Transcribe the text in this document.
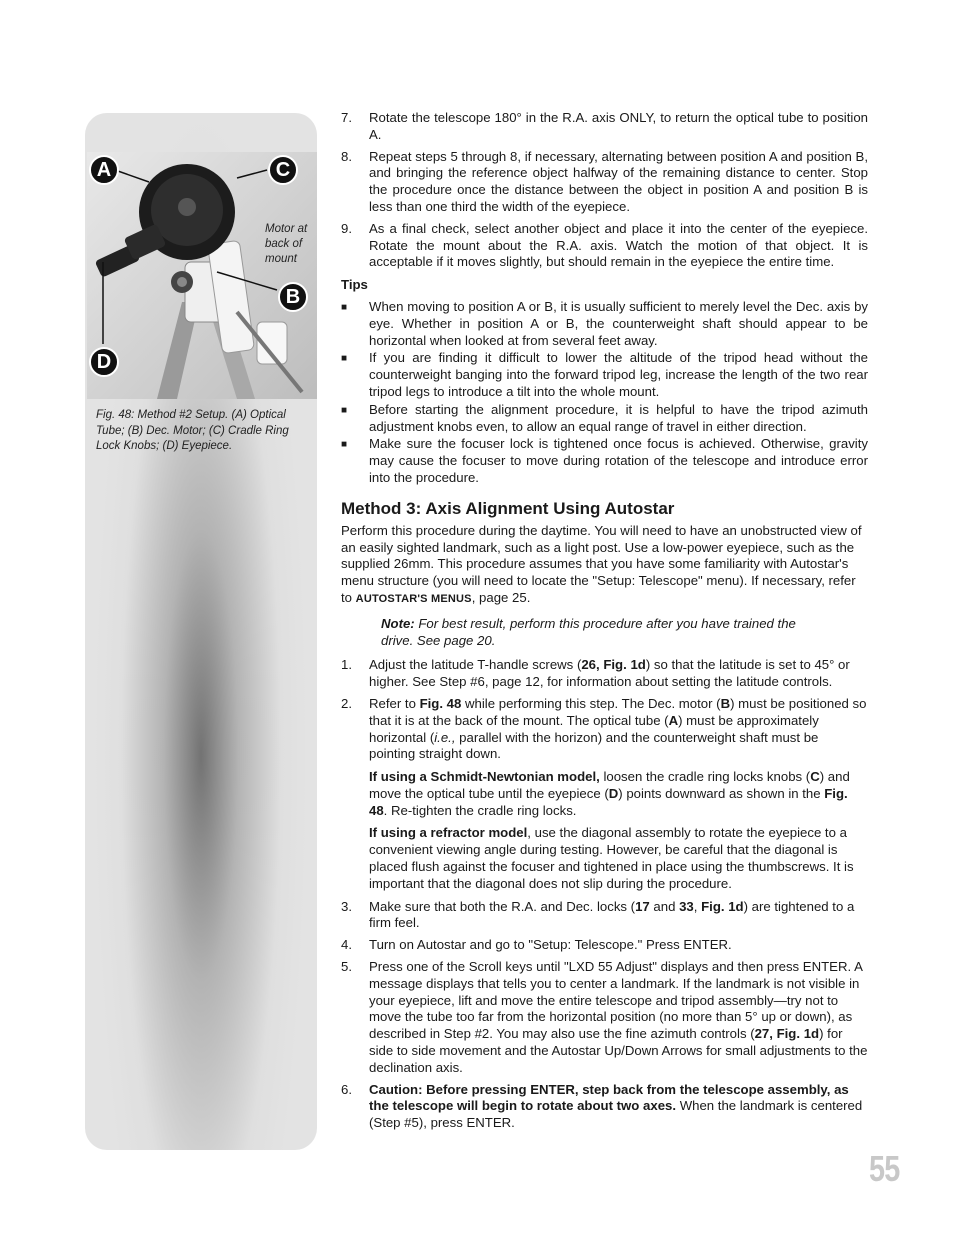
A	C
B
D
Motor at back of mount
Fig. 48: Method #2 Setup. (A) Optical Tube; (B) Dec. Motor; (C) Cradle Ring Lock Knobs; (D) Eyepiece.
7.	Rotate the telescope 180° in the R.A. axis ONLY, to return the optical tube to position A.
8.	Repeat steps 5 through 8, if necessary, alternating between position A and position B, and bringing the reference object halfway of the remaining distance to center. Stop the procedure once the distance between the object in position A and position B is less than one third the width of the eyepiece.
9.	As a final check, select another object and place it into the center of the eyepiece. Rotate the mount about the R.A. axis. Watch the motion of that object. It is acceptable if it moves slightly, but should remain in the eyepiece the entire time.
Tips
■	When moving to position A or B, it is usually sufficient to merely level the Dec. axis by eye. Whether in position A or B, the counterweight shaft should appear to be horizontal when looked at from several feet away.
■	If you are finding it difficult to lower the altitude of the tripod head without the counterweight banging into the forward tripod leg, increase the length of the two rear tripod legs to introduce a tilt into the whole mount.
■	Before starting the alignment procedure, it is helpful to have the tripod azimuth adjustment knobs even, to allow an equal range of travel in either direction.
■	Make sure the focuser lock is tightened once focus is achieved. Otherwise, gravity may cause the focuser to move during rotation of the telescope and introduce error into the procedure.
Method 3: Axis Alignment Using Autostar

Perform this procedure during the daytime. You will need to have an unobstructed view of an easily sighted landmark, such as a light post. Use a low-power eyepiece, such as the supplied 26mm. This procedure assumes that you have some familiarity with Autostar's menu structure (you will need to locate the "Setup: Telescope" menu). If necessary, refer to AUTOSTAR'S MENUS, page 25.

Note: For best result, perform this procedure after you have trained the drive. See page 20.

1.	Adjust the latitude T-handle screws (26, Fig. 1d) so that the latitude is set to 45° or higher. See Step #6, page 12, for information about setting the latitude controls.
2.	Refer to Fig. 48 while performing this step. The Dec. motor (B) must be positioned so that it is at the back of the mount. The optical tube (A) must be approximately horizontal (i.e., parallel with the horizon) and the counterweight shaft must be pointing straight down.

If using a Schmidt-Newtonian model, loosen the cradle ring locks knobs (C) and move the optical tube until the eyepiece (D) points downward as shown in the Fig. 48. Re-tighten the cradle ring locks.

If using a refractor model, use the diagonal assembly to rotate the eyepiece to a convenient viewing angle during testing. However, be careful that the diagonal is placed flush against the focuser and tightened in place using the thumbscrews. It is important that the diagonal does not slip during the procedure.

3.	Make sure that both the R.A. and Dec. locks (17 and 33, Fig. 1d) are tightened to a firm feel.
4.	Turn on Autostar and go to "Setup: Telescope." Press ENTER.
5.	Press one of the Scroll keys until "LXD 55 Adjust" displays and then press ENTER. A message displays that tells you to center a landmark. If the landmark is not visible in your eyepiece, lift and move the entire telescope and tripod assembly—try not to move the tube too far from the horizontal position (no more than 5° up or down), as described in Step #2. You may also use the fine azimuth controls (27, Fig. 1d) for side to side movement and the Autostar Up/Down Arrows for small adjustments to the declination axis.
6.	Caution: Before pressing ENTER, step back from the telescope assembly, as the telescope will begin to rotate about two axes. When the landmark is centered (Step #5), press ENTER.
55
